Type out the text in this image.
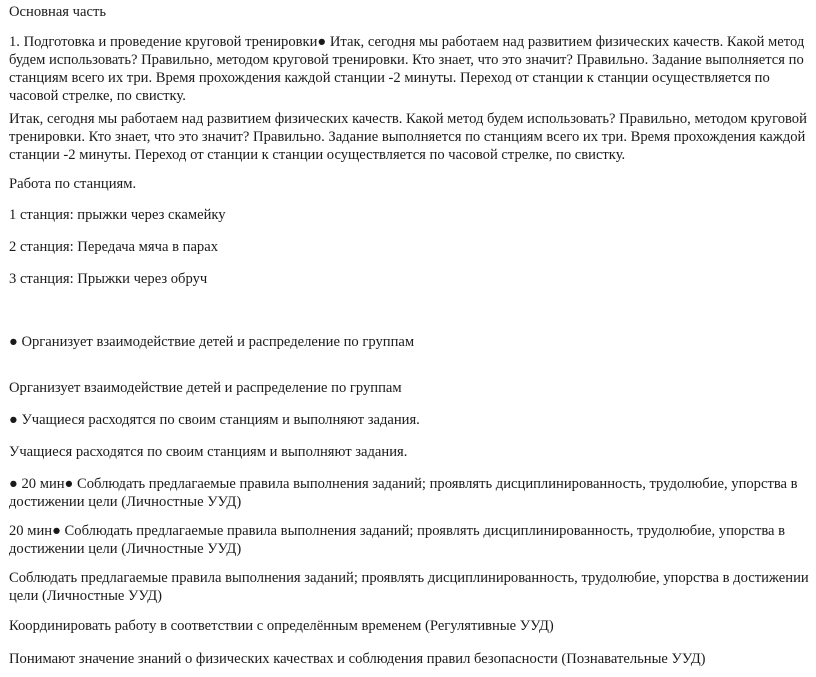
Основная часть

1. Подготовка и проведение круговой тренировки● Итак, сегодня мы работаем над развитием физических качеств. Какой метод будем использовать? Правильно, методом круговой тренировки. Кто знает, что это значит? Правильно. Задание выполняется по станциям всего их три. Время прохождения каждой станции -2 минуты. Переход от станции к станции осуществляется по часовой стрелке, по свистку.

Итак, сегодня мы работаем над развитием физических качеств. Какой метод будем использовать? Правильно, методом круговой тренировки. Кто знает, что это значит? Правильно. Задание выполняется по станциям всего их три. Время прохождения каждой станции -2 минуты. Переход от станции к станции осуществляется по часовой стрелке, по свистку.

Работа по станциям.

1 станция: прыжки через скамейку

2 станция: Передача мяча в парах

3 станция: Прыжки через обруч

● Организует взаимодействие детей и распределение по группам

Организует взаимодействие детей и распределение по группам

● Учащиеся расходятся по своим станциям и выполняют задания.

Учащиеся расходятся по своим станциям и выполняют задания.

● 20 мин● Соблюдать предлагаемые правила выполнения заданий; проявлять дисциплинированность, трудолюбие, упорства в достижении цели (Личностные УУД)

20 мин● Соблюдать предлагаемые правила выполнения заданий; проявлять дисциплинированность, трудолюбие, упорства в достижении цели (Личностные УУД)

Соблюдать предлагаемые правила выполнения заданий; проявлять дисциплинированность, трудолюбие, упорства в достижении цели (Личностные УУД)

Координировать работу в соответствии с определённым временем (Регулятивные УУД)

Понимают значение знаний о физических качествах и соблюдения правил безопасности (Познавательные УУД)
